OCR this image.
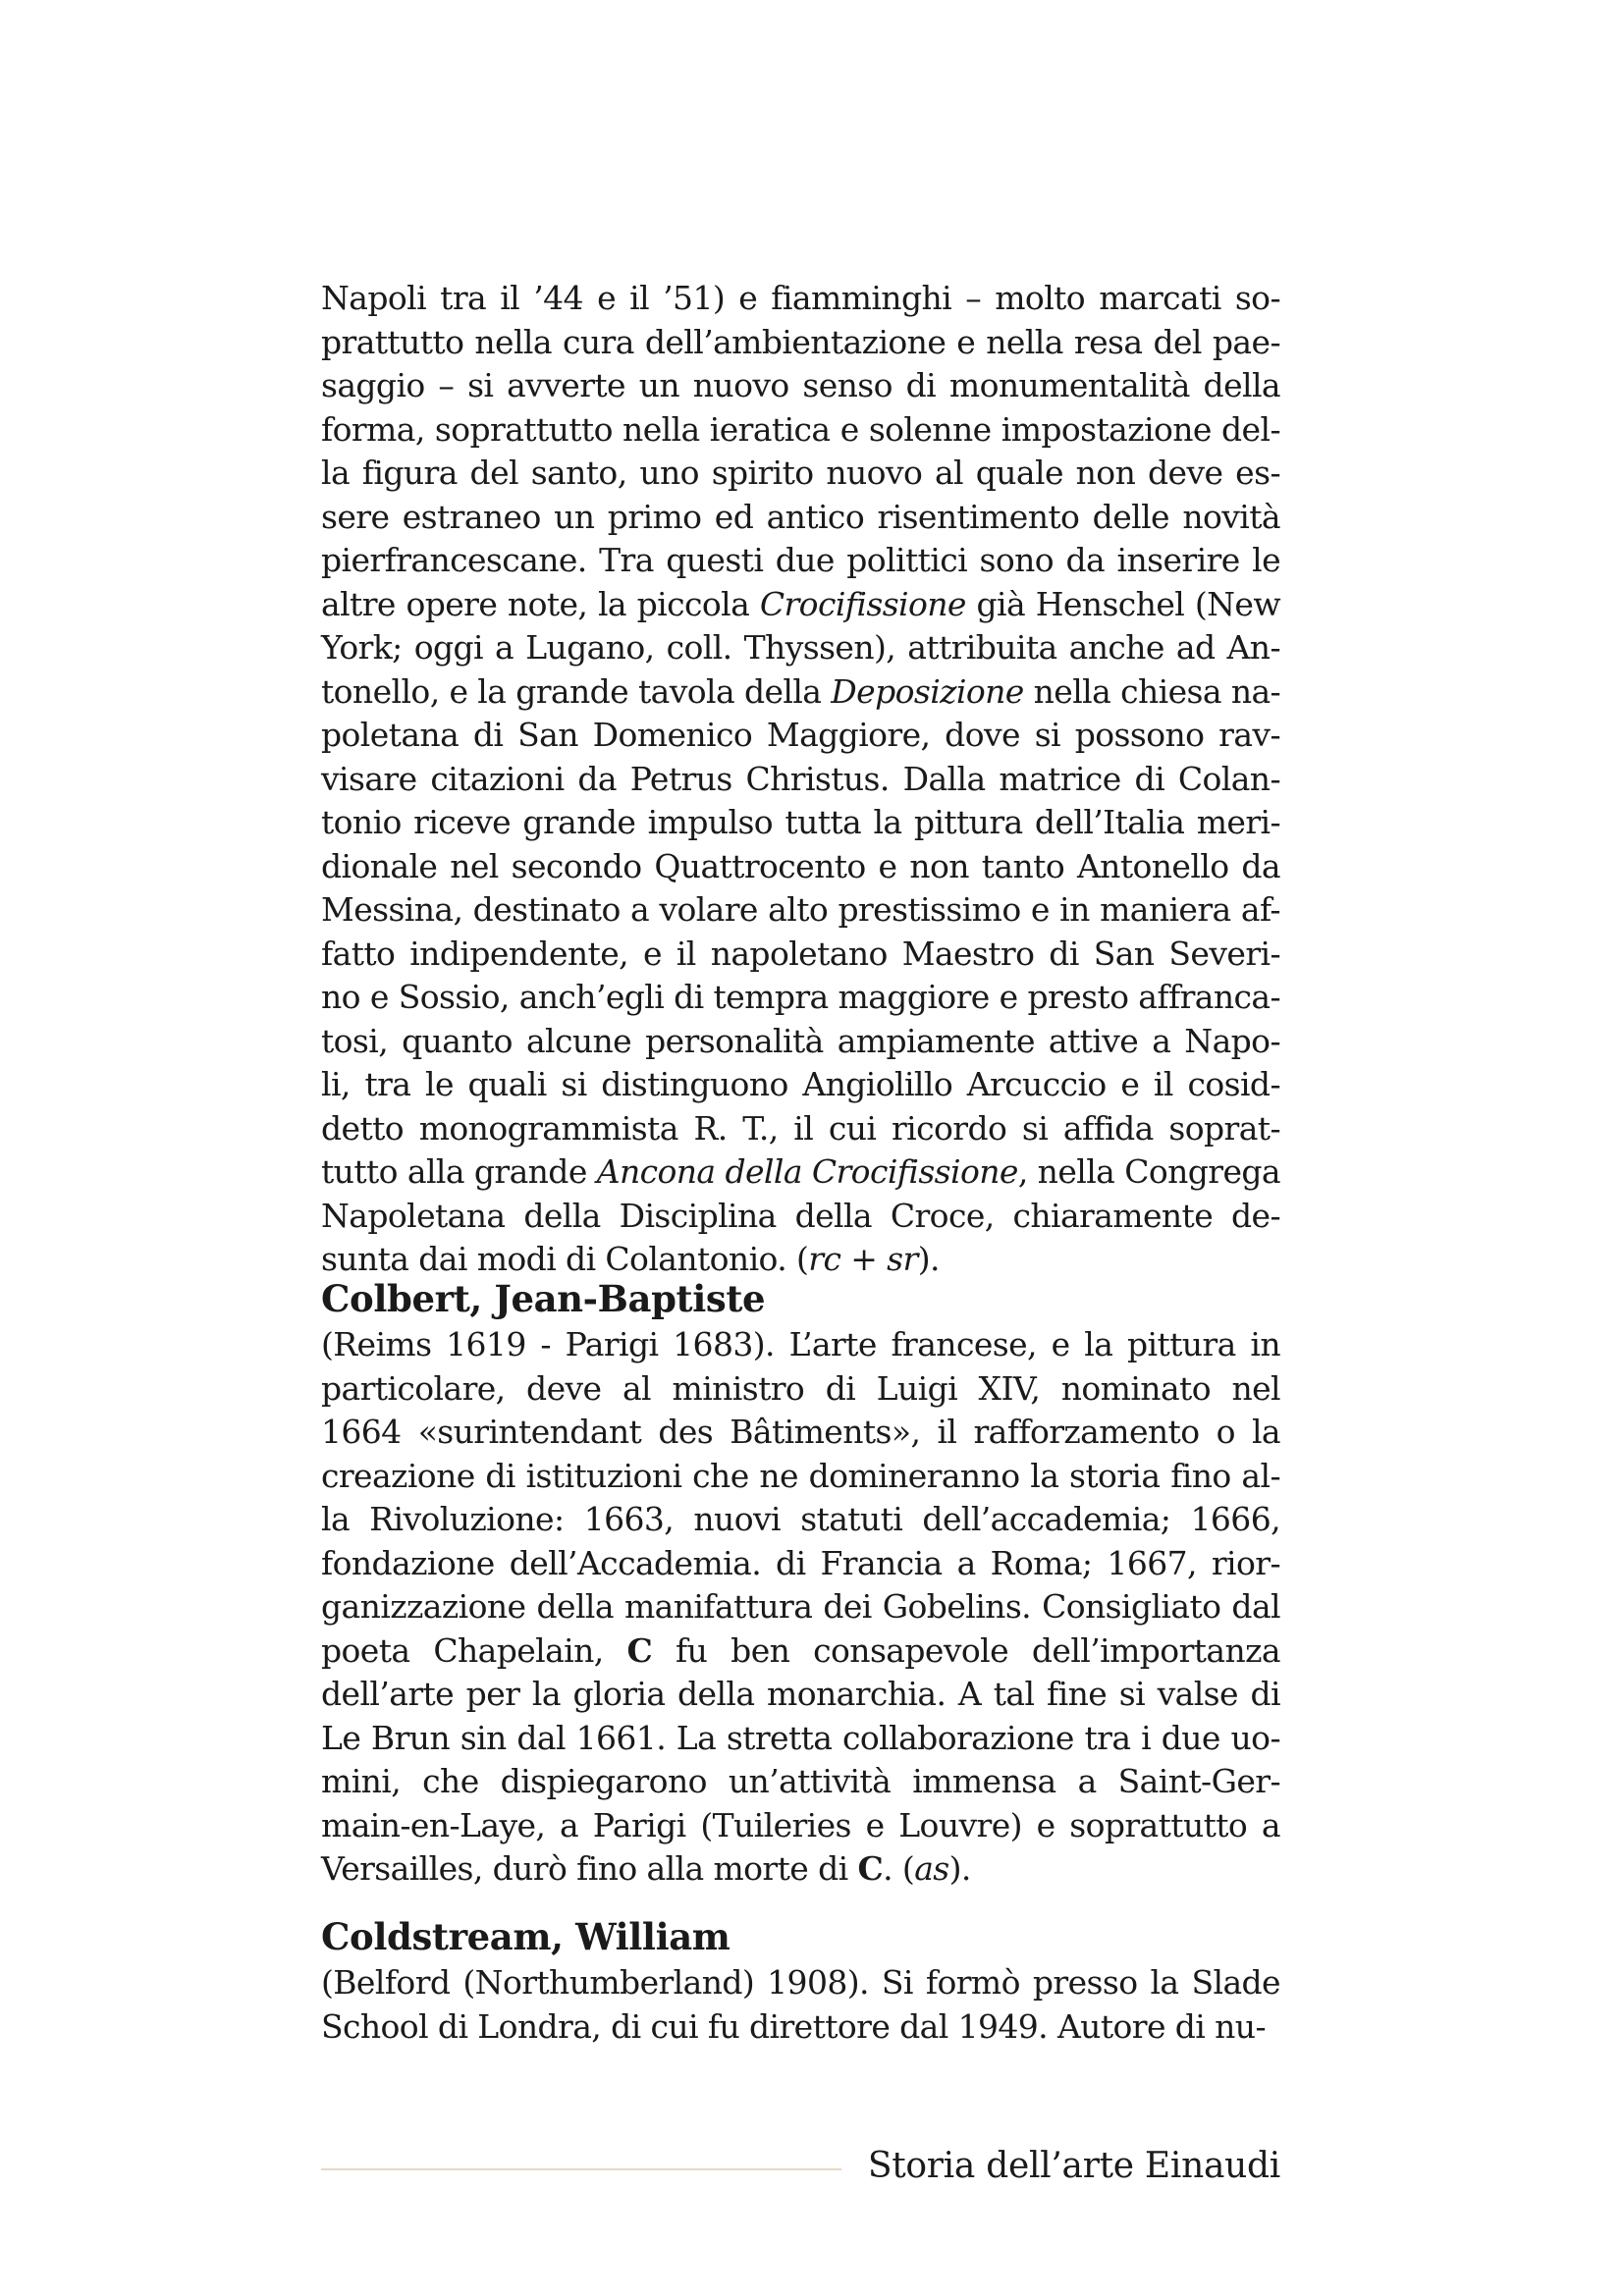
Napoli tra il ’44 e il ’51) e fiamminghi – molto marcati so-
prattutto nella cura dell’ambientazione e nella resa del pae-
saggio – si avverte un nuovo senso di monumentalità della
forma, soprattutto nella ieratica e solenne impostazione del-
la figura del santo, uno spirito nuovo al quale non deve es-
sere estraneo un primo ed antico risentimento delle novità
pierfrancescane. Tra questi due polittici sono da inserire le
altre opere note, la piccola Crocifissione già Henschel (New
York; oggi a Lugano, coll. Thyssen), attribuita anche ad An-
tonello, e la grande tavola della Deposizione nella chiesa na-
poletana di San Domenico Maggiore, dove si possono rav-
visare citazioni da Petrus Christus. Dalla matrice di Colan-
tonio riceve grande impulso tutta la pittura dell’Italia meri-
dionale nel secondo Quattrocento e non tanto Antonello da
Messina, destinato a volare alto prestissimo e in maniera af-
fatto indipendente, e il napoletano Maestro di San Severi-
no e Sossio, anch’egli di tempra maggiore e presto affranca-
tosi, quanto alcune personalità ampiamente attive a Napo-
li, tra le quali si distinguono Angiolillo Arcuccio e il cosid-
detto monogrammista R. T., il cui ricordo si affida soprat-
tutto alla grande Ancona della Crocifissione, nella Congrega
Napoletana della Disciplina della Croce, chiaramente de-
sunta dai modi di Colantonio. (rc + sr).
Colbert, Jean-Baptiste
(Reims 1619 - Parigi 1683). L’arte francese, e la pittura in
particolare, deve al ministro di Luigi XIV, nominato nel
1664 «surintendant des Bâtiments», il rafforzamento o la
creazione di istituzioni che ne domineranno la storia fino al-
la Rivoluzione: 1663, nuovi statuti dell’accademia; 1666,
fondazione dell’Accademia. di Francia a Roma; 1667, rior-
ganizzazione della manifattura dei Gobelins. Consigliato dal
poeta Chapelain, C fu ben consapevole dell’importanza
dell’arte per la gloria della monarchia. A tal fine si valse di
Le Brun sin dal 1661. La stretta collaborazione tra i due uo-
mini, che dispiegarono un’attività immensa a Saint-Ger-
main-en-Laye, a Parigi (Tuileries e Louvre) e soprattutto a
Versailles, durò fino alla morte di C. (as).
Coldstream, William
(Belford (Northumberland) 1908). Si formò presso la Slade
School di Londra, di cui fu direttore dal 1949. Autore di nu-
Storia dell’arte Einaudi
